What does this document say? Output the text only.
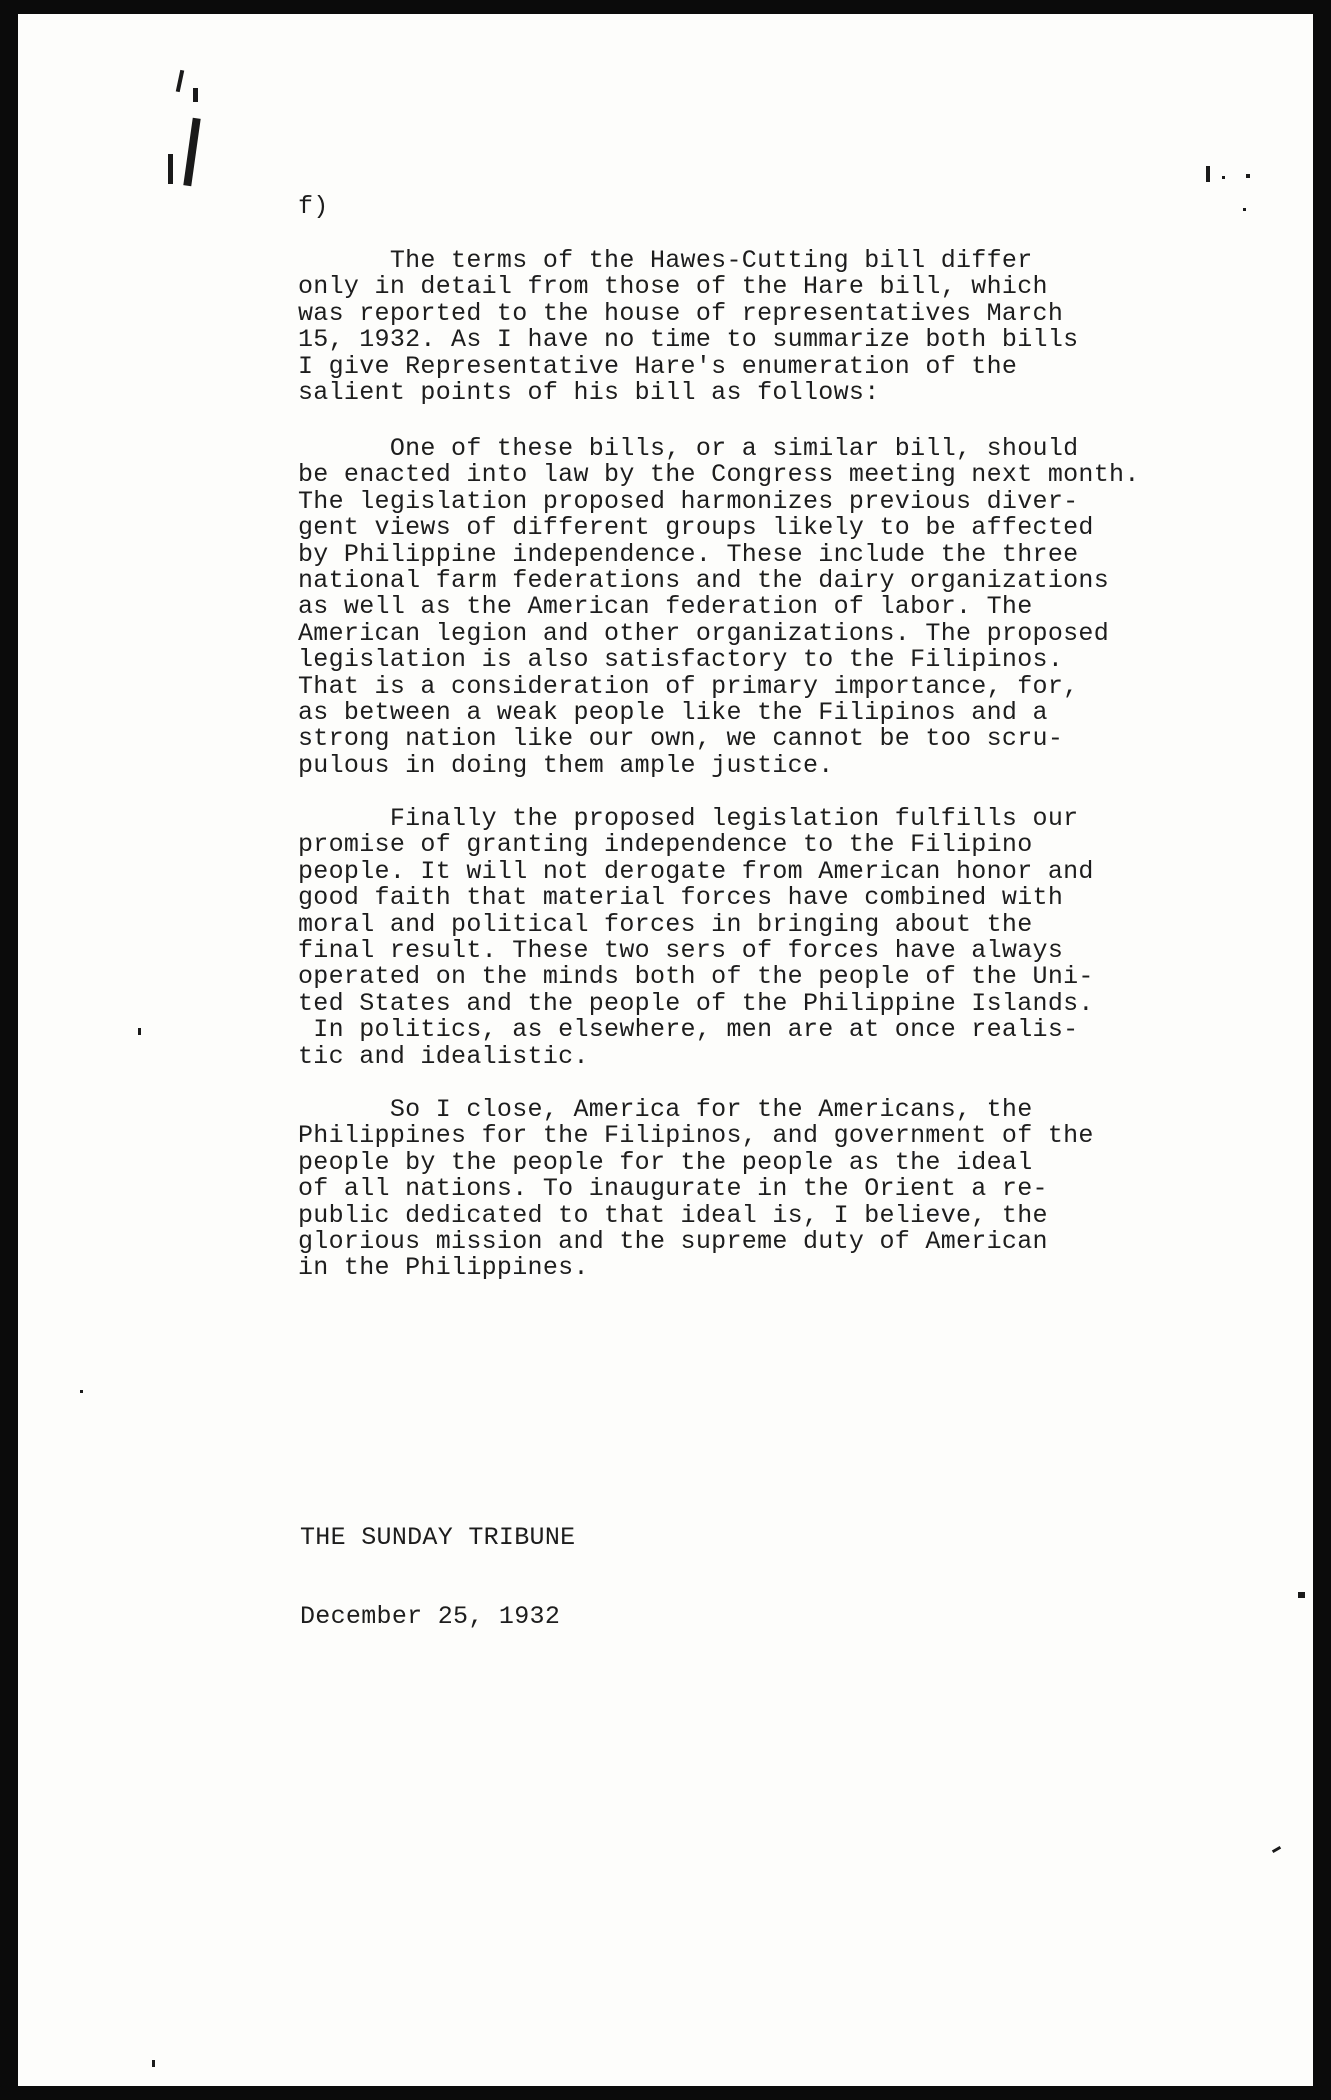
f)
The terms of the Hawes-Cutting bill differ
only in detail from those of the Hare bill, which
was reported to the house of representatives March
15, 1932. As I have no time to summarize both bills
I give Representative Hare's enumeration of the
salient points of his bill as follows:
One of these bills, or a similar bill, should
be enacted into law by the Congress meeting next month.
The legislation proposed harmonizes previous diver-
gent views of different groups likely to be affected
by Philippine independence. These include the three
national farm federations and the dairy organizations
as well as the American federation of labor. The
American legion and other organizations. The proposed
legislation is also satisfactory to the Filipinos.
That is a consideration of primary importance, for,
as between a weak people like the Filipinos and a
strong nation like our own, we cannot be too scru-
pulous in doing them ample justice.
Finally the proposed legislation fulfills our
promise of granting independence to the Filipino
people. It will not derogate from American honor and
good faith that material forces have combined with
moral and political forces in bringing about the
final result. These two sers of forces have always
operated on the minds both of the people of the Uni-
ted States and the people of the Philippine Islands.
In politics, as elsewhere, men are at once realis-
tic and idealistic.
So I close, America for the Americans, the
Philippines for the Filipinos, and government of the
people by the people for the people as the ideal
of all nations. To inaugurate in the Orient a re-
public dedicated to that ideal is, I believe, the
glorious mission and the supreme duty of American
in the Philippines.

THE SUNDAY TRIBUNE

December 25, 1932
